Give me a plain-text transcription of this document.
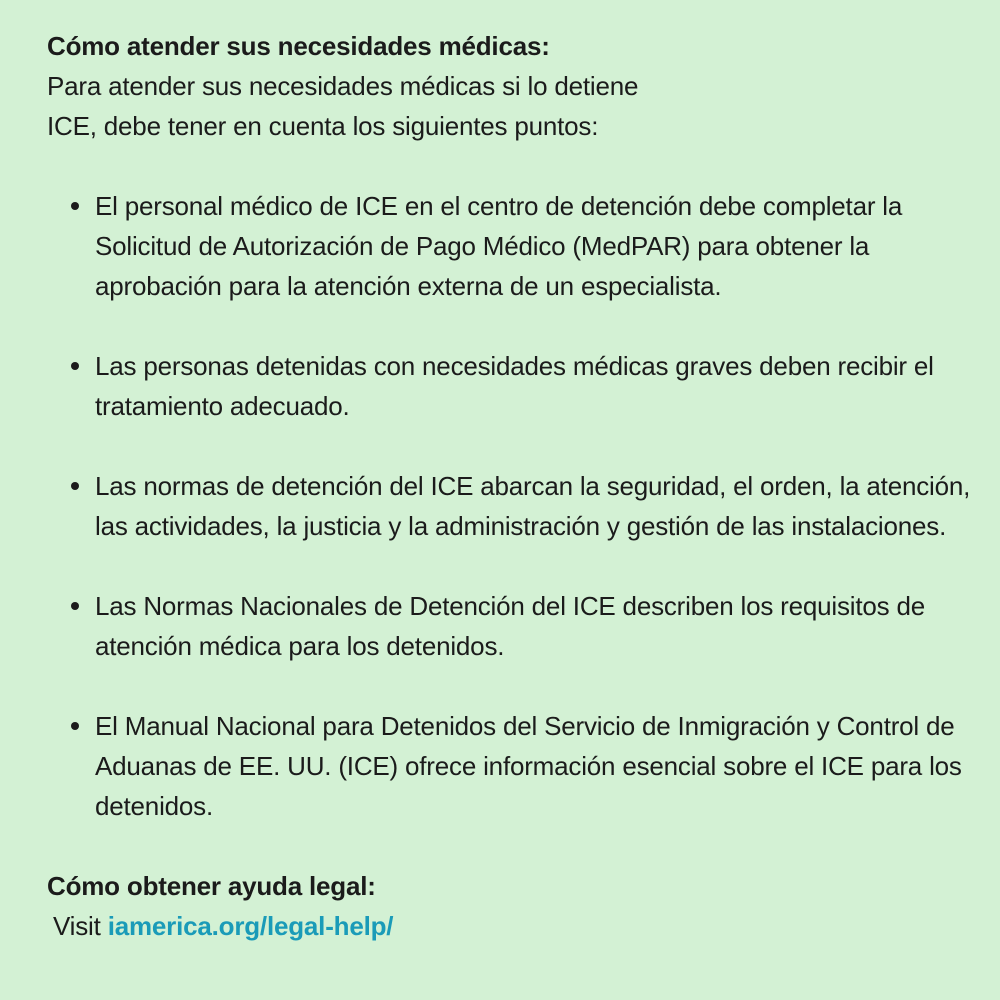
Cómo atender sus necesidades médicas:

Para atender sus necesidades médicas si lo detiene
ICE, debe tener en cuenta los siguientes puntos:

El personal médico de ICE en el centro de detención debe completar la Solicitud de Autorización de Pago Médico (MedPAR) para obtener la aprobación para la atención externa de un especialista.
Las personas detenidas con necesidades médicas graves deben recibir el tratamiento adecuado.
Las normas de detención del ICE abarcan la seguridad, el orden, la atención, las actividades, la justicia y la administración y gestión de las instalaciones.
Las Normas Nacionales de Detención del ICE describen los requisitos de atención médica para los detenidos.
El Manual Nacional para Detenidos del Servicio de Inmigración y Control de Aduanas de EE. UU. (ICE) ofrece información esencial sobre el ICE para los detenidos.

Cómo obtener ayuda legal:

Visit iamerica.org/legal-help/
